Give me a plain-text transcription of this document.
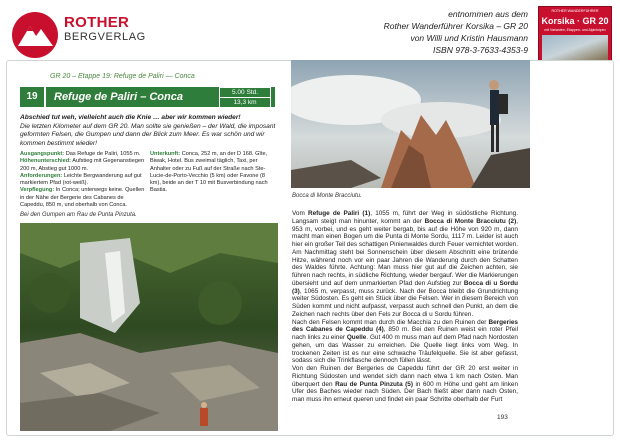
ROTHER
BERGVERLAG
entnommen aus dem
Rother Wanderführer Korsika – GR 20
von Willi und Kristin Hausmann
ISBN 978-3-7633-4353-9
ROTHER WANDERFÜHRER
Korsika · GR 20
mit Varianten, Etappen- und Alpinloipen
GR 20 – Etappe 19: Refuge de Paliri — Conca
19	Refuge de Paliri – Conca	5.00 Std.
13,3 km
Abschied tut weh, vielleicht auch die Knie … aber wir kommen wieder!
Die letzten Kilometer auf dem GR 20. Man sollte sie genießen – der Wald, die imposant geformten Felsen, die Gumpen und dann der Blick zum Meer. Es war schön und wir kommen bestimmt wieder!
Ausgangspunkt: Das Refuge de Paliri, 1055 m.
Höhenunterschied: Aufstieg mit Gegenanstiegen 200 m, Abstieg gut 1000 m.
Anforderungen: Leichte Bergwanderung auf gut markiertem Pfad (rot-weiß).
Verpflegung: In Conca; unterwegs keine. Quellen in der Nähe der Bergerie des Cabanes de Capeddu, 850 m, und oberhalb von Conca.
Unterkunft: Conca, 252 m, an der D 168. Gîte, Biwak, Hotel. Bus zweimal täglich, Taxi, per Anhalter oder zu Fuß auf der Straße nach Ste-Lucie-de-Porto-Vecchio (5 km) oder Favone (8 km), beide an der T 10 mit Busverbindung nach Bastia.
Bei den Gumpen am Rau de Punta Pinzuta.
Bocca di Monte Bracciutu.
Vom Refuge de Paliri (1), 1055 m, führt der Weg in südöstliche Richtung. Langsam steigt man hinunter, kommt an der Bocca di Monte Bracciutu (2), 953 m, vorbei, und es geht weiter bergab, bis auf die Höhe von 920 m, dann macht man einen Bogen um die Punta di Monte Sordu, 1117 m. Leider ist auch hier ein großer Teil des schattigen Pinienwaldes durch Feuer vernichtet worden. Am Nachmittag steht bei Sonnenschein über diesem Abschnitt eine brütende Hitze, während noch vor ein paar Jahren die Wanderung durch den Schatten des Waldes führte. Achtung: Man muss hier gut auf die Zeichen achten, sie führen nach rechts, in südliche Richtung, wieder bergauf. Wer die Markierungen übersieht und auf dem unmarkierten Pfad den Aufstieg zur Bocca di u Sordu (3), 1065 m, verpasst, muss zurück. Nach der Bocca bleibt die Grundrichtung weiter Südosten. Es geht ein Stück über die Felsen. Wer in diesem Bereich von Süden kommt und nicht aufpasst, verpasst auch schnell den Punkt, an dem die Zeichen nach rechts über den Fels zur Bocca di u Sordu führen.
Nach den Felsen kommt man durch die Macchia zu den Ruinen der Bergeries des Cabanes de Capeddu (4), 850 m. Bei den Ruinen weist ein roter Pfeil nach links zu einer Quelle. Gut 400 m muss man auf dem Pfad nach Nordosten gehen, um das Wasser zu erreichen. Die Quelle liegt links vom Weg. In trockenen Zeiten ist es nur eine schwache Träufelquelle. Sie ist aber gefasst, sodass sich die Trinkflasche dennoch füllen lässt.
Von den Ruinen der Bergeries de Capeddu führt der GR 20 erst weiter in Richtung Südosten und wendet sich dann nach etwa 1 km nach Osten. Man überquert den Rau de Punta Pinzuta (5) in 600 m Höhe und geht am linken Ufer des Baches wieder nach Süden. Der Bach fließt aber dann nach Osten, man muss ihn erneut queren und findet ein paar Schritte oberhalb der Furt
193
